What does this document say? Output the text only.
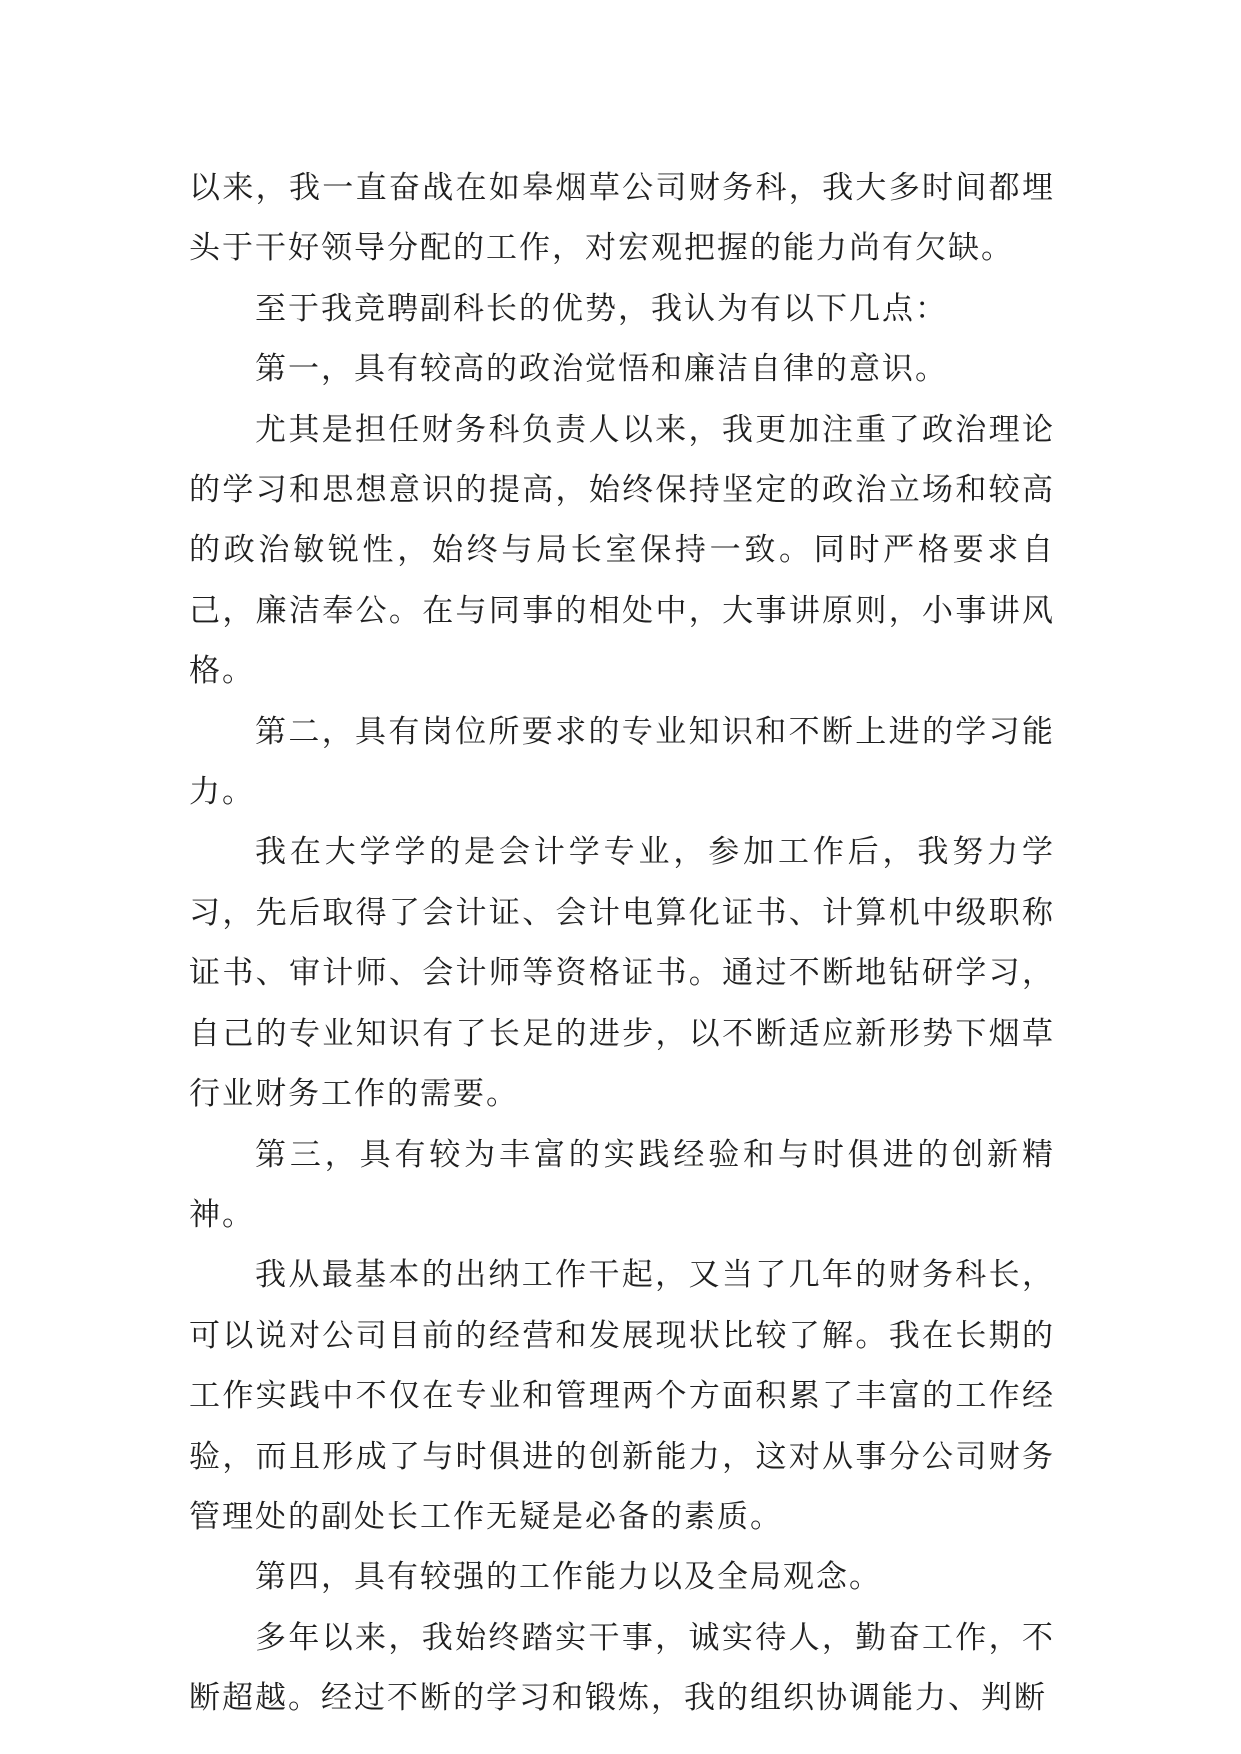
以来，我一直奋战在如皋烟草公司财务科，我大多时间都埋头于干好领导分配的工作，对宏观把握的能力尚有欠缺。

至于我竞聘副科长的优势，我认为有以下几点：

第一，具有较高的政治觉悟和廉洁自律的意识。

尤其是担任财务科负责人以来，我更加注重了政治理论的学习和思想意识的提高，始终保持坚定的政治立场和较高的政治敏锐性，始终与局长室保持一致。同时严格要求自己，廉洁奉公。在与同事的相处中，大事讲原则，小事讲风格。

第二，具有岗位所要求的专业知识和不断上进的学习能力。

我在大学学的是会计学专业，参加工作后，我努力学习，先后取得了会计证、会计电算化证书、计算机中级职称证书、审计师、会计师等资格证书。通过不断地钻研学习，自己的专业知识有了长足的进步，以不断适应新形势下烟草行业财务工作的需要。

第三，具有较为丰富的实践经验和与时俱进的创新精神。

我从最基本的出纳工作干起，又当了几年的财务科长，可以说对公司目前的经营和发展现状比较了解。我在长期的工作实践中不仅在专业和管理两个方面积累了丰富的工作经验，而且形成了与时俱进的创新能力，这对从事分公司财务管理处的副处长工作无疑是必备的素质。

第四，具有较强的工作能力以及全局观念。

多年以来，我始终踏实干事，诚实待人，勤奋工作，不断超越。经过不断的学习和锻炼，我的组织协调能力、判断
